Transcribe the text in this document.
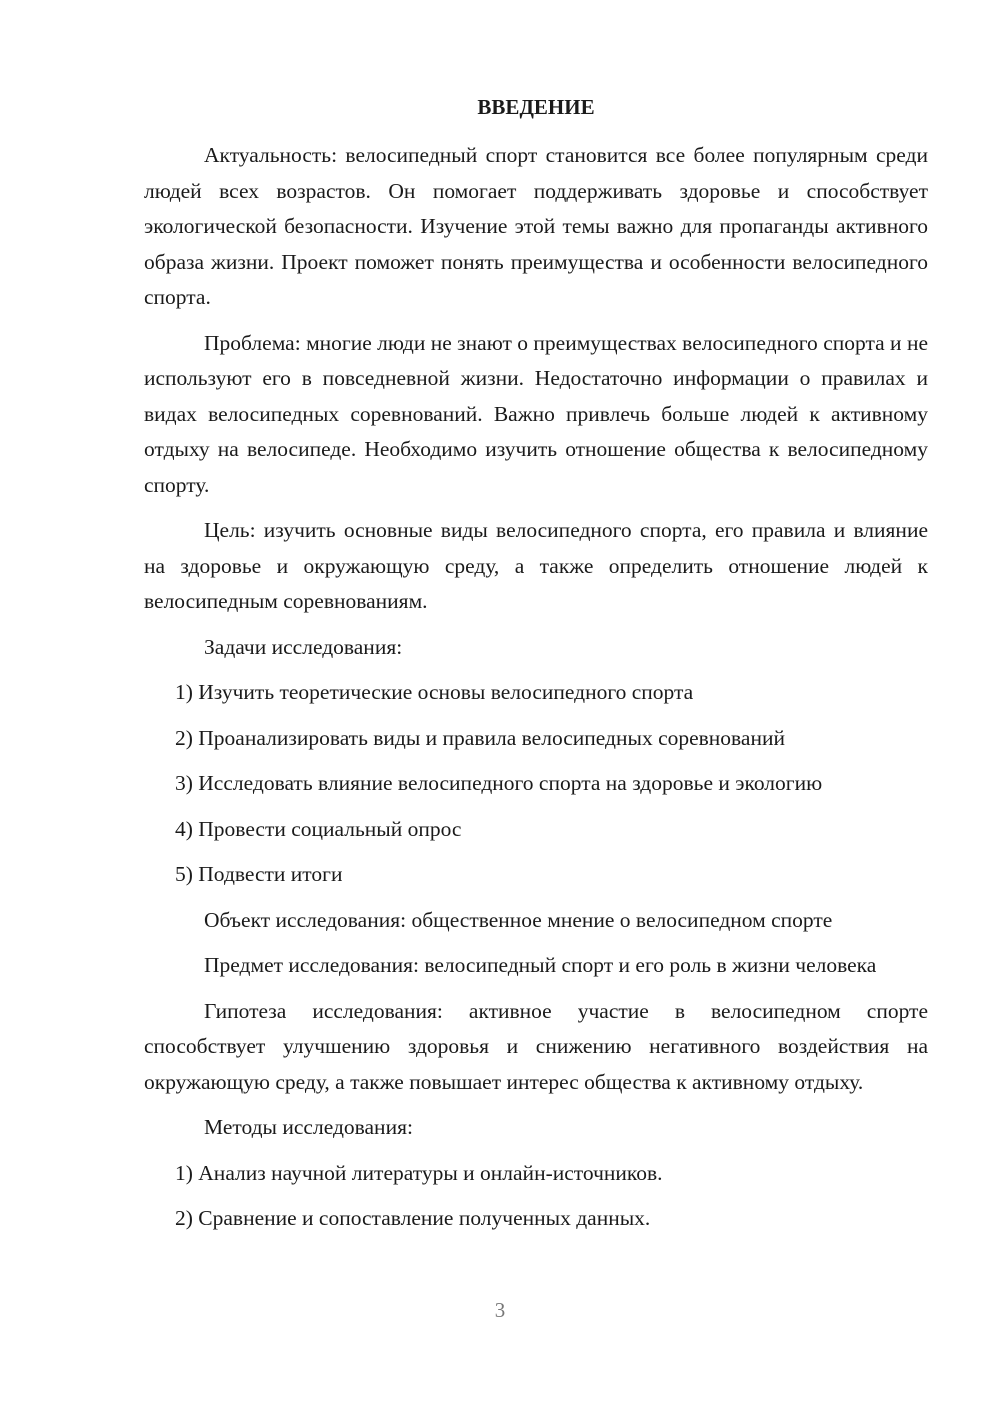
ВВЕДЕНИЕ

Актуальность: велосипедный спорт становится все более популярным среди людей всех возрастов. Он помогает поддерживать здоровье и способствует экологической безопасности. Изучение этой темы важно для пропаганды активного образа жизни. Проект поможет понять преимущества и особенности велосипедного спорта.

Проблема: многие люди не знают о преимуществах велосипедного спорта и не используют его в повседневной жизни. Недостаточно информации о правилах и видах велосипедных соревнований. Важно привлечь больше людей к активному отдыху на велосипеде. Необходимо изучить отношение общества к велосипедному спорту.

Цель: изучить основные виды велосипедного спорта, его правила и влияние на здоровье и окружающую среду, а также определить отношение людей к велосипедным соревнованиям.

Задачи исследования:

1) Изучить теоретические основы велосипедного спорта
2) Проанализировать виды и правила велосипедных соревнований
3) Исследовать влияние велосипедного спорта на здоровье и экологию
4) Провести социальный опрос
5) Подвести итоги

Объект исследования: общественное мнение о велосипедном спорте

Предмет исследования: велосипедный спорт и его роль в жизни человека

Гипотеза исследования: активное участие в велосипедном спорте способствует улучшению здоровья и снижению негативного воздействия на окружающую среду, а также повышает интерес общества к активному отдыху.

Методы исследования:

1) Анализ научной литературы и онлайн-источников.
2) Сравнение и сопоставление полученных данных.
3
